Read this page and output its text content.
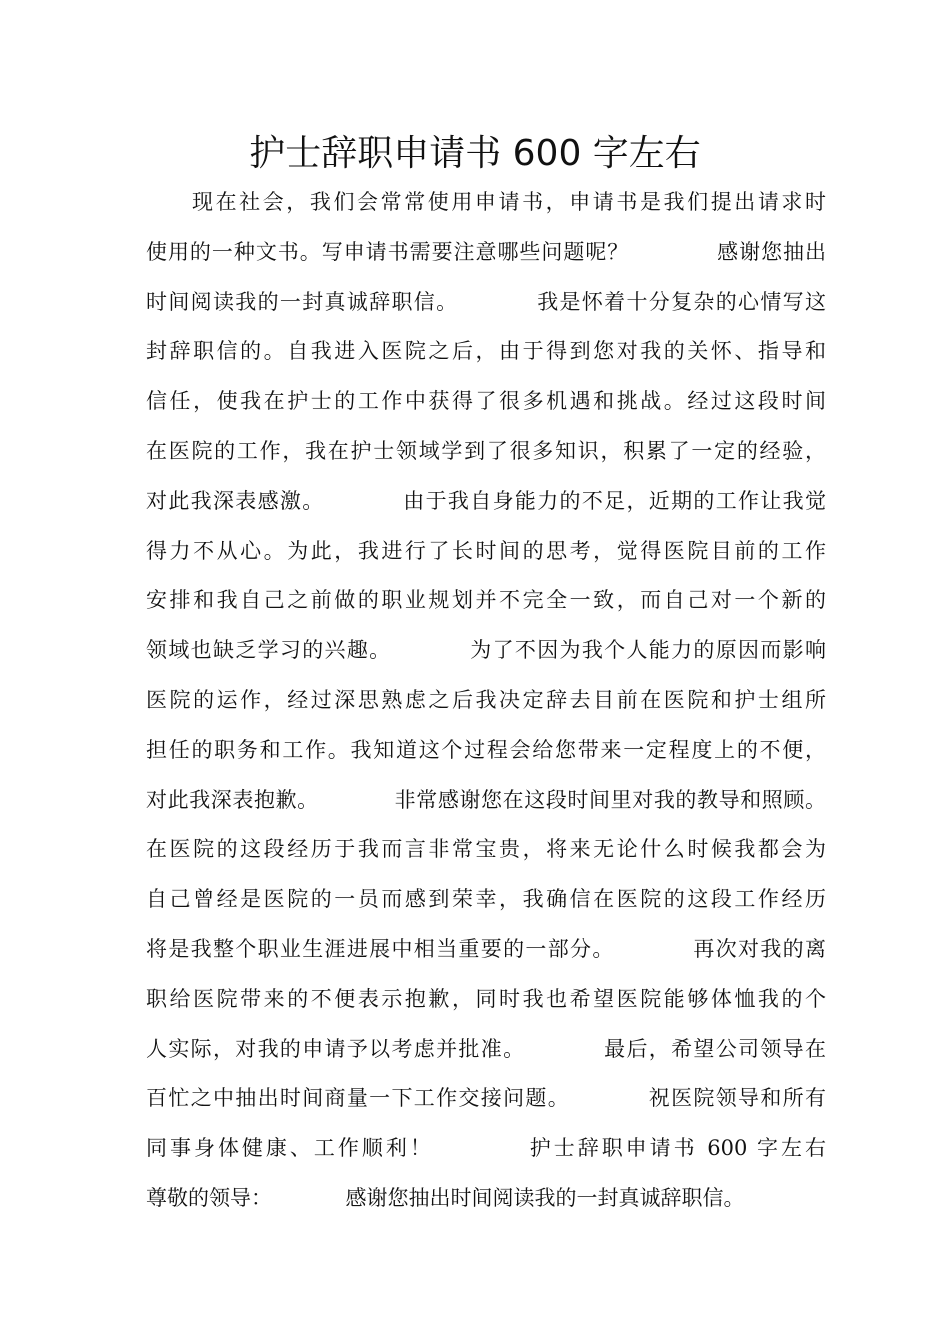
护士辞职申请书 600 字左右
现在社会，我们会常常使用申请书，申请书是我们提出请求时
使用的一种文书。写申请书需要注意哪些问题呢？　　　　感谢您抽出
时间阅读我的一封真诚辞职信。　　　　我是怀着十分复杂的心情写这
封辞职信的。自我进入医院之后，由于得到您对我的关怀、指导和
信任，使我在护士的工作中获得了很多机遇和挑战。经过这段时间
在医院的工作，我在护士领域学到了很多知识，积累了一定的经验，
对此我深表感激。　　　　由于我自身能力的不足，近期的工作让我觉
得力不从心。为此，我进行了长时间的思考，觉得医院目前的工作
安排和我自己之前做的职业规划并不完全一致，而自己对一个新的
领域也缺乏学习的兴趣。　　　　为了不因为我个人能力的原因而影响
医院的运作，经过深思熟虑之后我决定辞去目前在医院和护士组所
担任的职务和工作。我知道这个过程会给您带来一定程度上的不便，
对此我深表抱歉。　　　　非常感谢您在这段时间里对我的教导和照顾。
在医院的这段经历于我而言非常宝贵，将来无论什么时候我都会为
自己曾经是医院的一员而感到荣幸，我确信在医院的这段工作经历
将是我整个职业生涯进展中相当重要的一部分。　　　　再次对我的离
职给医院带来的不便表示抱歉，同时我也希望医院能够体恤我的个
人实际，对我的申请予以考虑并批准。　　　　最后，希望公司领导在
百忙之中抽出时间商量一下工作交接问题。　　　　祝医院领导和所有
同事身体健康、工作顺利！　　　　护士辞职申请书 600 字左右
尊敬的领导：　　　　感谢您抽出时间阅读我的一封真诚辞职信。
